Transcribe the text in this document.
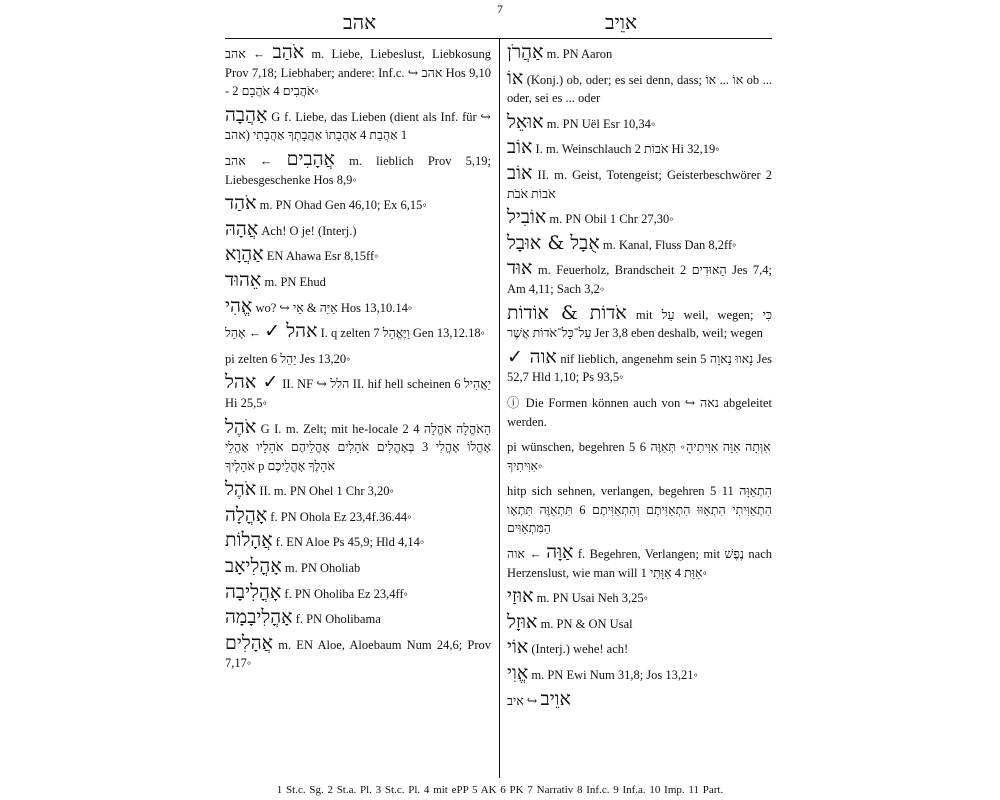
7
אהב	אוֵיב
אֹהַב ← אהב m. Liebe, Liebeslust, Liebkosung Prov 7,18; Liebhaber; andere: Inf.c. ↪ אהב Hos 9,10 - 2 אֹהֲבִים 4 אֹהֲבָם◦
אַהֲבָה G f. Liebe, das Lieben (dient als Inf. für ↪ אהב) 1 אַהֲבַת 4 אַהֲבָתוֹ אַהֲבָתְךָ אַהֲבָתִי
אֲהָבִים ← אהב m. lieblich Prov 5,19; Liebesgeschenke Hos 8,9◦
אֹהַד m. PN Ohad Gen 46,10; Ex 6,15◦
אֲהָהּ Ach! O je! (Interj.)
אַהֲוָא EN Ahawa Esr 8,15ff◦
אֵהוּד m. PN Ehud
אֱהִי wo? ↪ אַיֵּה & אֵי Hos 13,10.14◦
אהל ✓ ← אָהַל I. q zelten 7 וַיֶּאֱהַל Gen 13,12.18◦
pi zelten 6 יַהֵל Jes 13,20◦
אהל ✓ II. NF ↪ הלל II. hif hell scheinen 6 יַאֲהִיל Hi 25,5◦
אֹהֶל G I. m. Zelt; mit he-locale 2 הָאֹהֱלָה אֹהֱלָה 4 אָהֳלוֹ אָהֳלִי 3 בְּאָהֳלִים אֹהָלִים אָהֳלֵיהֶם אֹהָלָיו אָהֳלֵי אֹהָלֶיךָ p אֹהָלֶךָ אָהֳלֵיכֶם
אֹהֶל II. m. PN Ohel 1 Chr 3,20◦
אָהֳלָה f. PN Ohola Ez 23,4f.36.44◦
אֲהָלוֹת f. EN Aloe Ps 45,9; Hld 4,14◦
אָהֳלִיאָב m. PN Oholiab
אָהֳלִיבָה f. PN Oholiba Ez 23,4ff◦
אָהֳלִיבָמָה f. PN Oholibama
אֲהָלִים m. EN Aloe, Aloebaum Num 24,6; Prov 7,17◦
אַהֲרֹן m. PN Aaron
אוֹ (Konj.) ob, oder; es sei denn, dass; אוֹ ... אוֹ ob ... oder, sei es ... oder
אוּאֵל m. PN Uël Esr 10,34◦
אוֹב I. m. Weinschlauch 2 אֹבוֹת Hi 32,19◦
אוֹב II. m. Geist, Totengeist; Geisterbeschwörer 2 אֹבוֹת אֹבֹת
אוֹבִיל m. PN Obil 1 Chr 27,30◦
אֻבָל & אוּבָל m. Kanal, Fluss Dan 8,2ff◦
אוּד m. Feuerholz, Brandscheit 2 הָאוּדִים Jes 7,4; Am 4,11; Sach 3,2◦
אֹדוֹת & אוֹדוֹת mit עַל weil, wegen; כִּי עַל־כָּל־אֹדוֹת אֲשֶׁר Jer 3,8 eben deshalb, weil; wegen
✓ אוה nif lieblich, angenehm sein 5 נָאווּ נָאוָה Jes 52,7 Hld 1,10; Ps 93,5◦
ⓘ Die Formen können auch von ↪ נאה abgeleitet werden.
pi wünschen, begehren 5 אִוְּתָה אִוָּה אִוִּיתִיהָ◦ תְּאַוֶּה 6 אִוִּיתִיךָ◦
hitp sich sehnen, verlangen, begehren 5 הִתְאַוָּה 11 הִתְאַוִּיתִי הִתְאַוּוּ הִתְאַוִּיתֶם וְהִתְאַוִּיתֶם 6 תִּתְאַוֶּה תִּתְאָו הַמִּתְאַוִּים
אַוָּה ← אוה f. Begehren, Verlangen; mit נֶפֶשׁ nach Herzenslust, wie man will 1 אַוַּת 4 אַוָּתִי◦
אוּזַי m. PN Usai Neh 3,25◦
אוּזָל m. PN & ON Usal
אוֹי (Interj.) wehe! ach!
אֱוִי m. PN Ewi Num 31,8; Jos 13,21◦
אוֵיב ↪ איב
1 St.c. Sg. 2 St.a. Pl. 3 St.c. Pl. 4 mit ePP 5 AK 6 PK 7 Narrativ 8 Inf.c. 9 Inf.a. 10 Imp. 11 Part.
